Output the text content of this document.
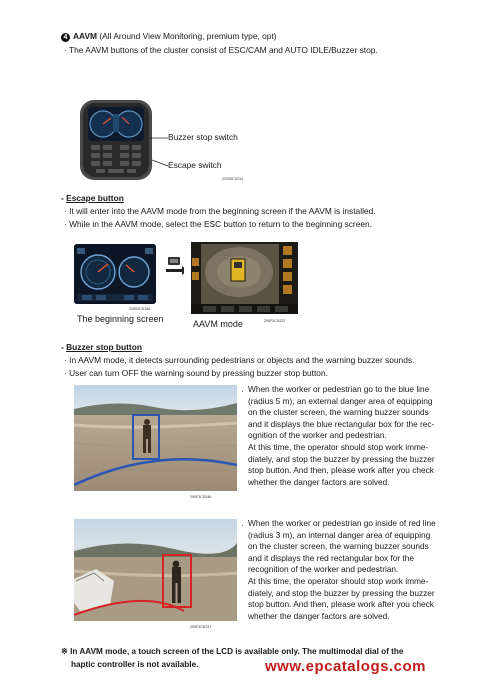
4 AAVM (All Around View Monitoring, premium type, opt)
· The AAVM buttons of the cluster consist of ESC/CAM and AUTO IDLE/Buzzer stop.
Buzzer stop switch
Escape switch
22053CD244
- Escape button
· It will enter into the AAVM mode from the beginning screen if the AAVM is installed.
· While in the AAVM mode, select the ESC button to return to the beginning screen.
22053CD156
The beginning screen	AAVM mode	290F3CD222
- Buzzer stop button
· In AAVM mode, it detects surrounding pedestrians or objects and the warning buzzer sounds.
· User can turn OFF the warning sound by pressing buzzer stop button.
290F3CD246
· When the worker or pedestrian go to the blue line
(radius 5 m), an external danger area of equipping
on the cluster screen, the warning buzzer sounds
and it displays the blue rectangular box for the rec-
ognition of the worker and pedestrian.
At this time, the operator should stop work imme-
diately, and stop the buzzer by pressing the buzzer
stop button. And then, please work after you check
whether the danger factors are solved.
290F3CD247
· When the worker or pedestrian go inside of red line
(radius 3 m), an internal danger area of equipping
on the cluster screen, the warning buzzer sounds
and it displays the red rectangular box for the
recognition of the worker and pedestrian.
At this time, the operator should stop work imme-
diately, and stop the buzzer by pressing the buzzer
stop button. And then, please work after you check
whether the danger factors are solved.
※ In AAVM mode, a touch screen of the LCD is available only. The multimodal dial of the
haptic controller is not available.	www.epcatalogs.com
